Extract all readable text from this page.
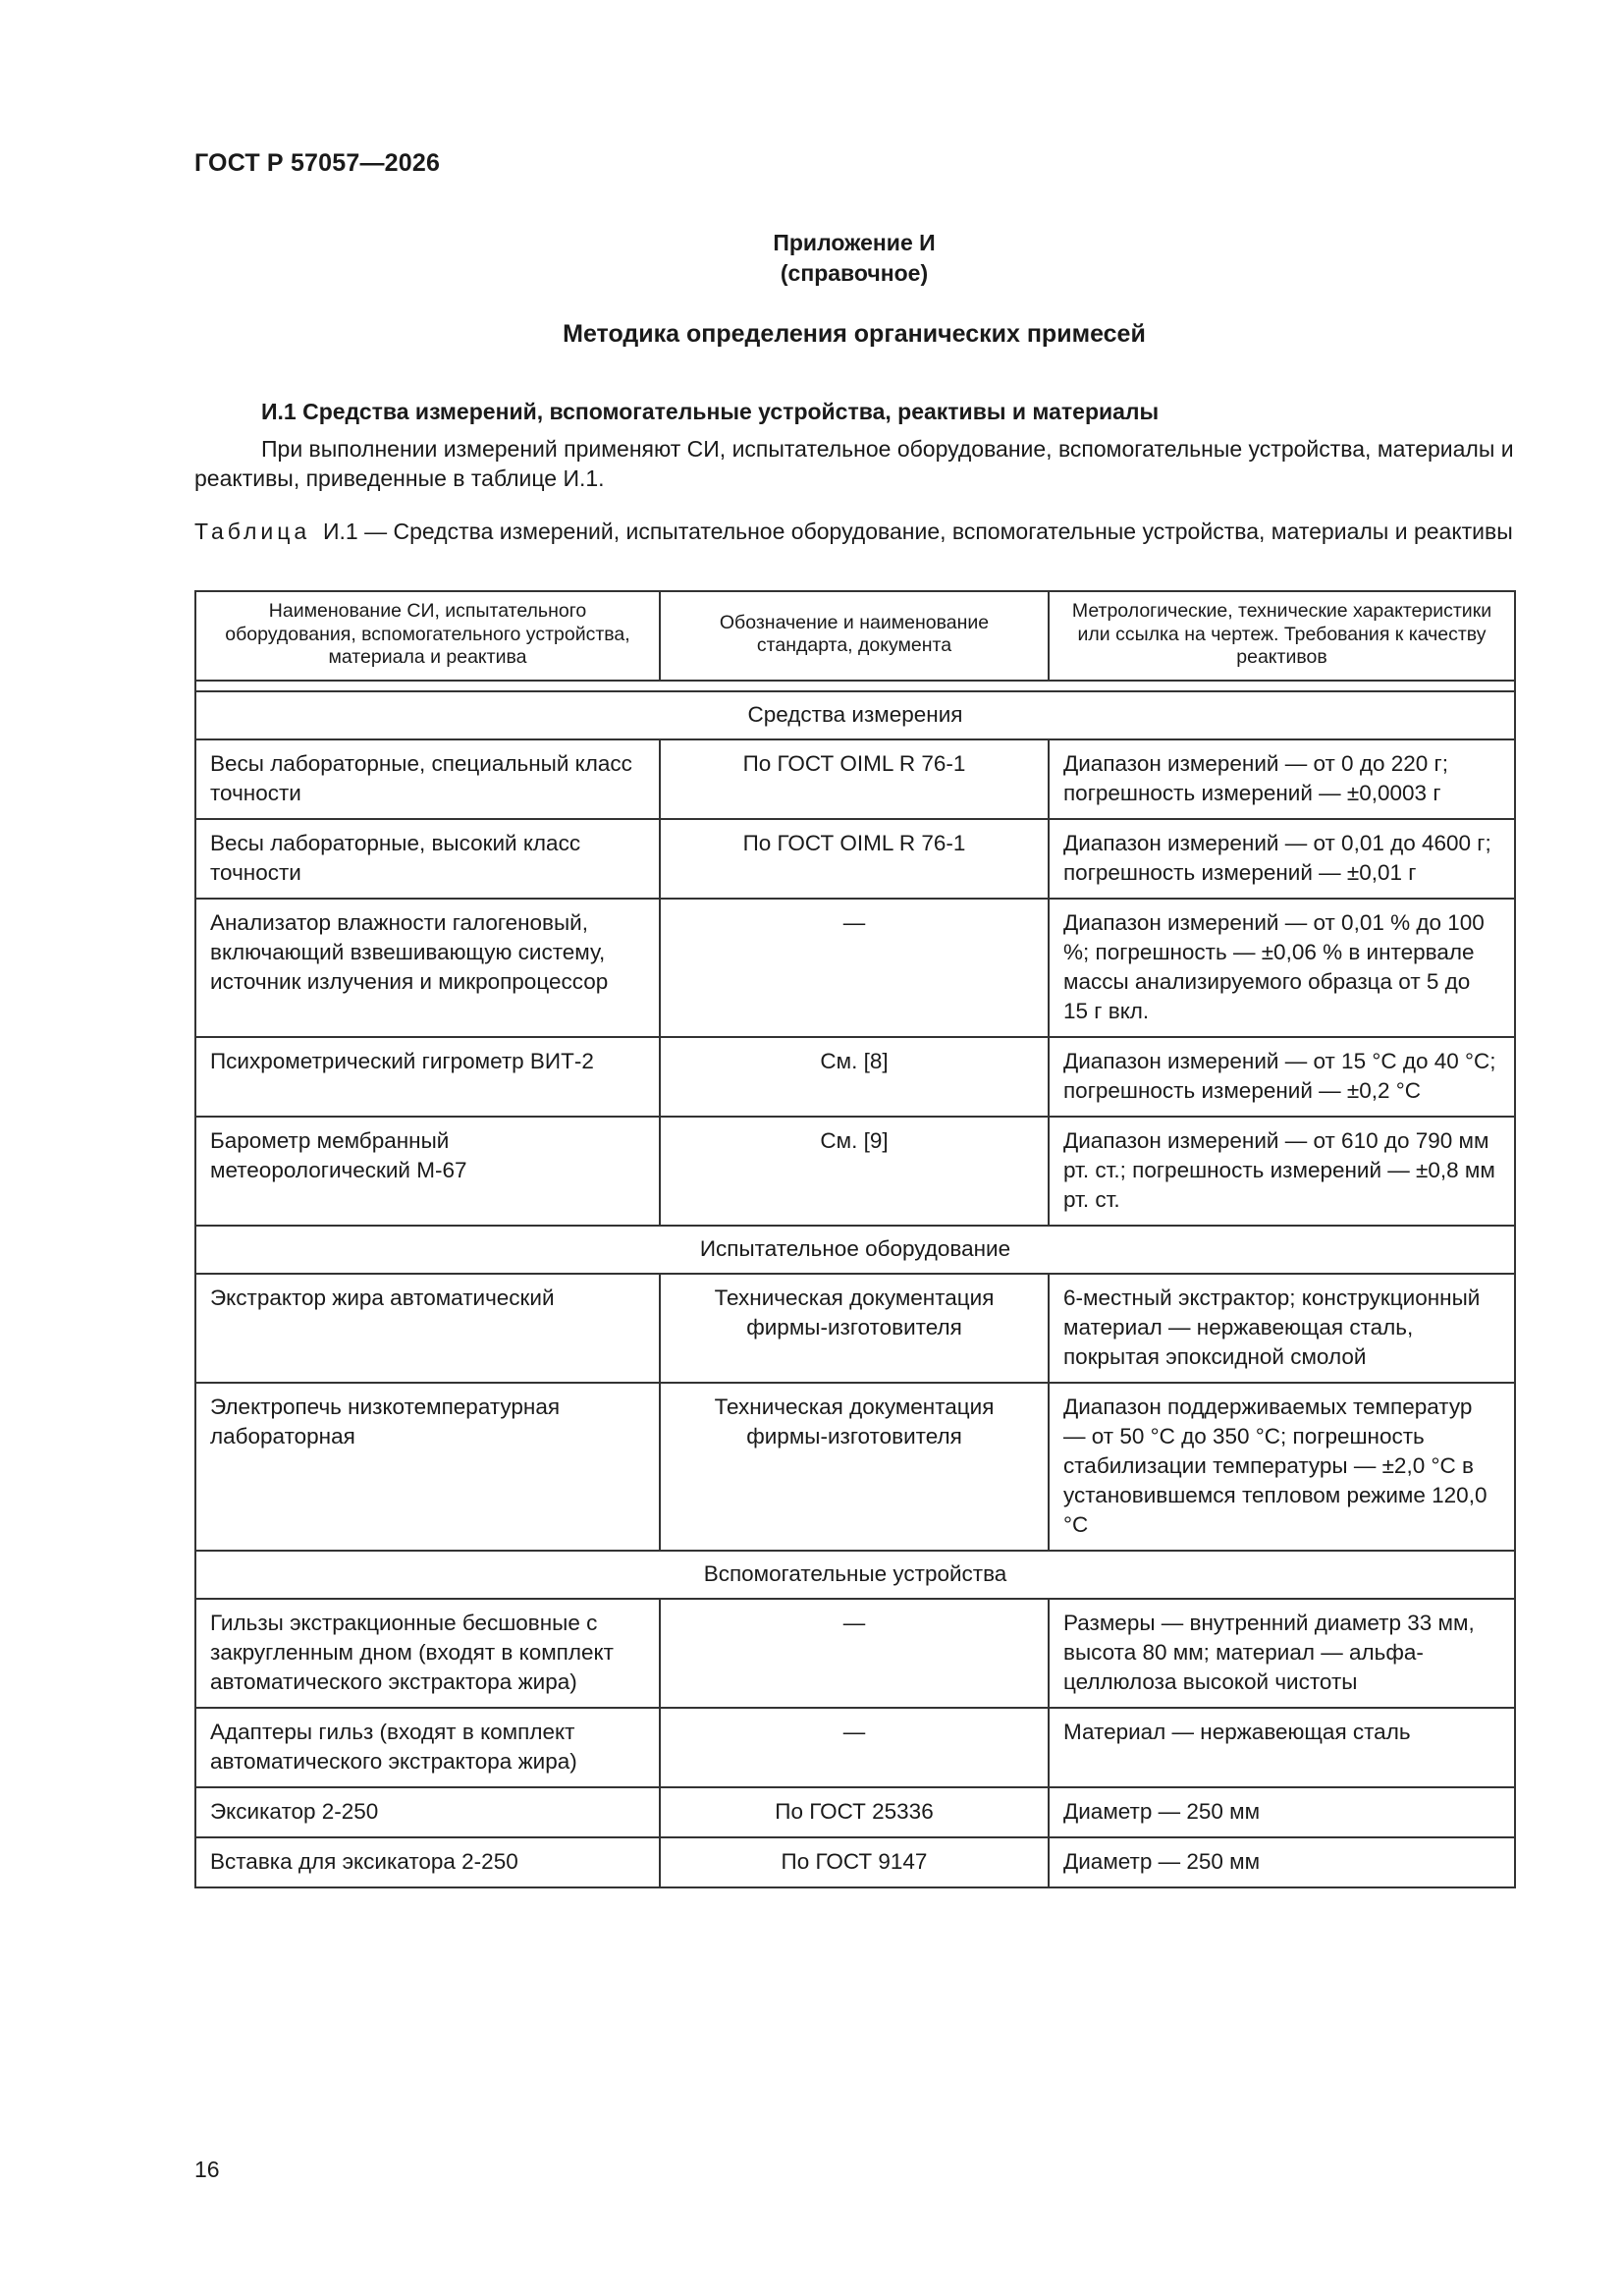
ГОСТ Р 57057—2026
Приложение И
(справочное)
Методика определения органических примесей
И.1 Средства измерений, вспомогательные устройства, реактивы и материалы

При выполнении измерений применяют СИ, испытательное оборудование, вспомогательные устройства, материалы и реактивы, приведенные в таблице И.1.

Таблица И.1 — Средства измерений, испытательное оборудование, вспомогательные устройства, материалы и реактивы

Наименование СИ, испытательного оборудования, вспомогательного устройства, материала и реактива	Обозначение и наименование стандарта, документа	Метрологические, технические характеристики или ссылка на чертеж. Требования к качеству реактивов

Средства измерения		
Весы лабораторные, специальный класс точности	По ГОСТ OIML R 76-1	Диапазон измерений — от 0 до 220 г; погрешность измерений — ±0,0003 г
Весы лабораторные, высокий класс точности	По ГОСТ OIML R 76-1	Диапазон измерений — от 0,01 до 4600 г; погрешность измерений — ±0,01 г
Анализатор влажности галогеновый, включающий взвешивающую систему, источник излучения и микропроцессор	—	Диапазон измерений — от 0,01 % до 100 %; погрешность — ±0,06 % в интервале массы анализируемого образца от 5 до 15 г вкл.
Психрометрический гигрометр ВИТ-2	См. [8]	Диапазон измерений — от 15 °С до 40 °С; погрешность измерений — ±0,2 °С
Барометр мембранный метеорологический М-67	См. [9]	Диапазон измерений — от 610 до 790 мм рт. ст.; погрешность измерений — ±0,8 мм рт. ст.
Испытательное оборудование		
Экстрактор жира автоматический	Техническая документация фирмы-изготовителя	6-местный экстрактор; конструкционный материал — нержавеющая сталь, покрытая эпоксидной смолой
Электропечь низкотемпературная лабораторная	Техническая документация фирмы-изготовителя	Диапазон поддерживаемых температур — от 50 °С до 350 °С; погрешность стабилизации температуры — ±2,0 °С в установившемся тепловом режиме 120,0 °С
Вспомогательные устройства		
Гильзы экстракционные бесшовные с закругленным дном (входят в комплект автоматического экстрактора жира)	—	Размеры — внутренний диаметр 33 мм, высота 80 мм; материал — альфа-целлюлоза высокой чистоты
Адаптеры гильз (входят в комплект автоматического экстрактора жира)	—	Материал — нержавеющая сталь
Эксикатор 2-250	По ГОСТ 25336	Диаметр — 250 мм
Вставка для эксикатора 2-250	По ГОСТ 9147	Диаметр — 250 мм
16
